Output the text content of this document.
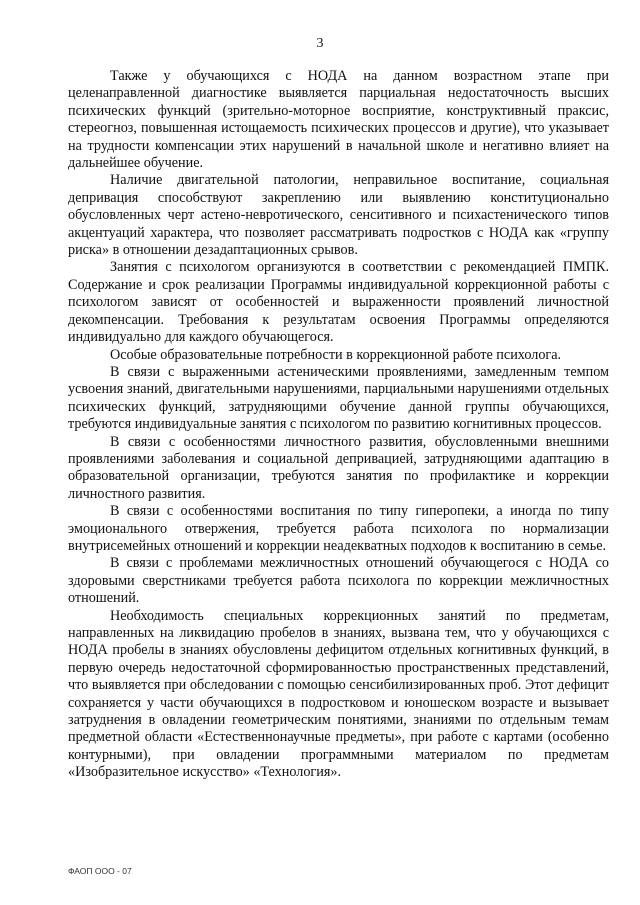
3

Также у обучающихся с НОДА на данном возрастном этапе при целенаправленной диагностике выявляется парциальная недостаточность высших психических функций (зрительно-моторное восприятие, конструктивный праксис, стереогноз, повышенная истощаемость психических процессов и другие), что указывает на трудности компенсации этих нарушений в начальной школе и негативно влияет на дальнейшее обучение.

Наличие двигательной патологии, неправильное воспитание, социальная депривация способствуют закреплению или выявлению конституционально обусловленных черт астено-невротического, сенситивного и психастенического типов акцентуаций характера, что позволяет рассматривать подростков с НОДА как «группу риска» в отношении дезадаптационных срывов.

Занятия с психологом организуются в соответствии с рекомендацией ПМПК. Содержание и срок реализации Программы индивидуальной коррекционной работы с психологом зависят от особенностей и выраженности проявлений личностной декомпенсации. Требования к результатам освоения Программы определяются индивидуально для каждого обучающегося.

Особые образовательные потребности в коррекционной работе психолога.

В связи с выраженными астеническими проявлениями, замедленным темпом усвоения знаний, двигательными нарушениями, парциальными нарушениями отдельных психических функций, затрудняющими обучение данной группы обучающихся, требуются индивидуальные занятия с психологом по развитию когнитивных процессов.

В связи с особенностями личностного развития, обусловленными внешними проявлениями заболевания и социальной депривацией, затрудняющими адаптацию в образовательной организации, требуются занятия по профилактике и коррекции личностного развития.

В связи с особенностями воспитания по типу гиперопеки, а иногда по типу эмоционального отвержения, требуется работа психолога по нормализации внутрисемейных отношений и коррекции неадекватных подходов к воспитанию в семье.

В связи с проблемами межличностных отношений обучающегося с НОДА со здоровыми сверстниками требуется работа психолога по коррекции межличностных отношений.

Необходимость специальных коррекционных занятий по предметам, направленных на ликвидацию пробелов в знаниях, вызвана тем, что у обучающихся с НОДА пробелы в знаниях обусловлены дефицитом отдельных когнитивных функций, в первую очередь недостаточной сформированностью пространственных представлений, что выявляется при обследовании с помощью сенсибилизированных проб. Этот дефицит сохраняется у части обучающихся в подростковом и юношеском возрасте и вызывает затруднения в овладении геометрическим понятиями, знаниями по отдельным темам предметной области «Естественнонаучные предметы», при работе с картами (особенно контурными), при овладении программными материалом по предметам «Изобразительное искусство» «Технология».

ФАОП ООО - 07
